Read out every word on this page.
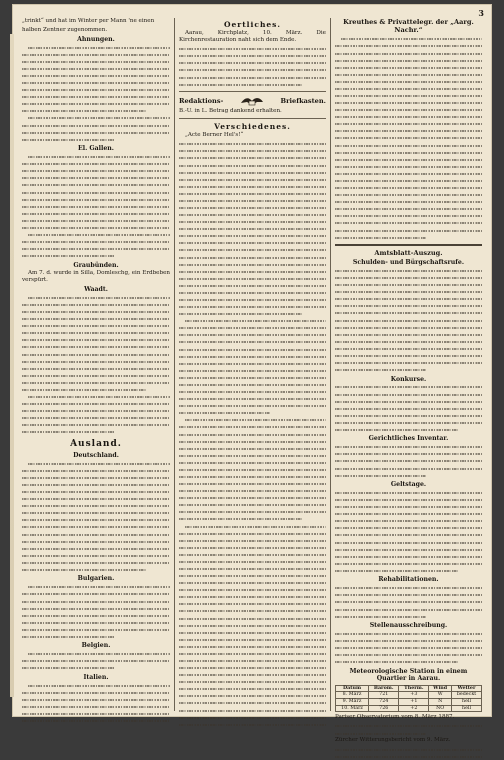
3

„trinkt“ und hat im Winter per Mann 'ne einen

halben Zentner zugenommen.

Ahnungen.
El. Gallen.
Graubünden.

Am 7. d. wurde in Silla, Domleschg, ein Erdbeben verspürt.

Waadt.
Ausland.
Deutschland.
Bulgarien.
Belgien.
Italien.
Oertliches.

Aarau, Kirchplatz, 10. März. Die Kirchenrestauration naht sich dem Ende.

Redaktions-	Briefkasten.

B.-U. in L. Betrag dankend erhalten.

Verschiedenes.

„Acte Berner Hel's!“

Kreuthes & Privattelegr. der „Aarg. Nachr.“
Amtsblatt-Auszug.
Schulden- und Bürgschaftsrufe.
Konkurse.
Gerichtliches Inventar.
Geltstage.
Rehabilitationen.
Stellenausschreibung.
Meteorologische Station in einem Quartier in Aarau.
Datum	Barom.	Therm.	Wind	Wetter
8. März	721	+3	W	bedeckt
9. März	724	+1	N	hell
10. März	726	+2	NO	hell

Pariser Observatorium vom 8. März 1887.

Zürcher Witterungsbericht vom 9. März.
